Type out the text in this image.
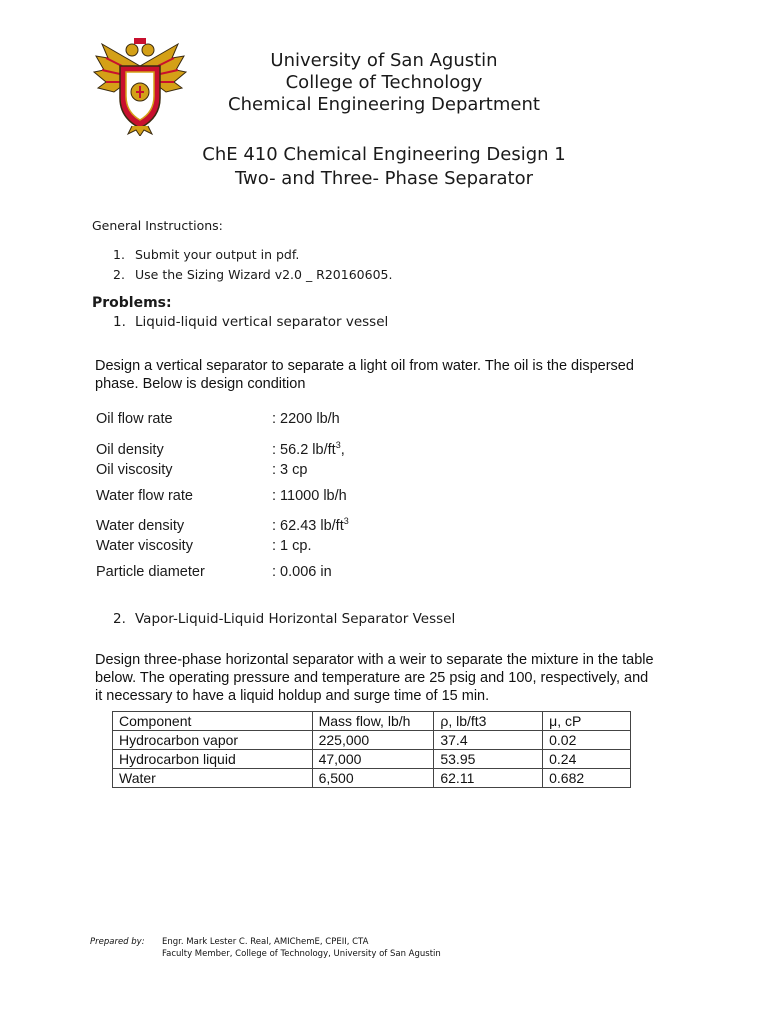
University of San Agustin
College of Technology
Chemical Engineering Department
ChE 410 Chemical Engineering Design 1
Two- and Three- Phase Separator
General Instructions:
1. Submit your output in pdf.
2. Use the Sizing Wizard v2.0 _ R20160605.
Problems:
1. Liquid-liquid vertical separator vessel
Design a vertical separator to separate a light oil from water. The oil is the dispersed
phase. Below is design condition
Oil flow rate	: 2200 lb/h
Oil density	: 56.2 $lb/ft^3$,
Oil viscosity	: 3 cp
Water flow rate	: 11000 lb/h
Water density	: 62.43 $lb/ft^3$
Water viscosity	: 1 cp.
Particle diameter	: 0.006 in
2. Vapor-Liquid-Liquid Horizontal Separator Vessel
Design three-phase horizontal separator with a weir to separate the mixture in the table
below. The operating pressure and temperature are 25 psig and 100, respectively, and
it necessary to have a liquid holdup and surge time of 15 min.
Component	Mass flow, lb/h	ρ, lb/ft3	μ, cP
Hydrocarbon vapor	225,000	37.4	0.02
Hydrocarbon liquid	47,000	53.95	0.24
Water	6,500	62.11	0.682
Prepared by: Engr. Mark Lester C. Real, AMIChemE, CPEII, CTA
Faculty Member, College of Technology, University of San Agustin
